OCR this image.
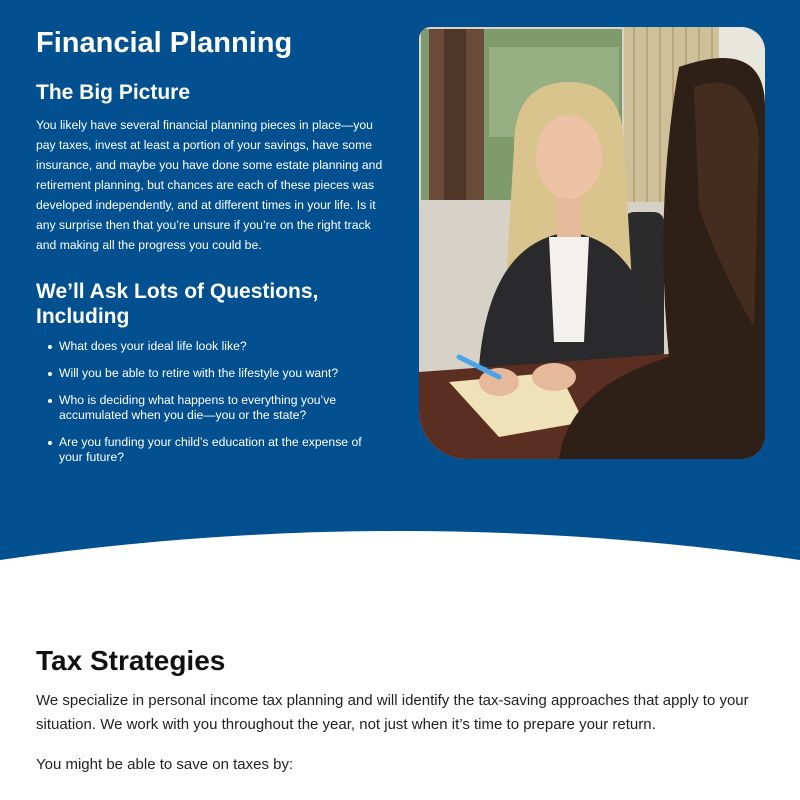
Financial Planning
The Big Picture

You likely have several financial planning pieces in place—you pay taxes, invest at least a portion of your savings, have some insurance, and maybe you have done some estate planning and retirement planning, but chances are each of these pieces was developed independently, and at different times in your life. Is it any surprise then that you’re unsure if you’re on the right track and making all the progress you could be.

We’ll Ask Lots of Questions, Including
What does your ideal life look like?
Will you be able to retire with the lifestyle you want?
Who is deciding what happens to everything you’ve accumulated when you die—you or the state?
Are you funding your child’s education at the expense of your future?
Tax Strategies

We specialize in personal income tax planning and will identify the tax-saving approaches that apply to your situation. We work with you throughout the year, not just when it’s time to prepare your return.

You might be able to save on taxes by:
